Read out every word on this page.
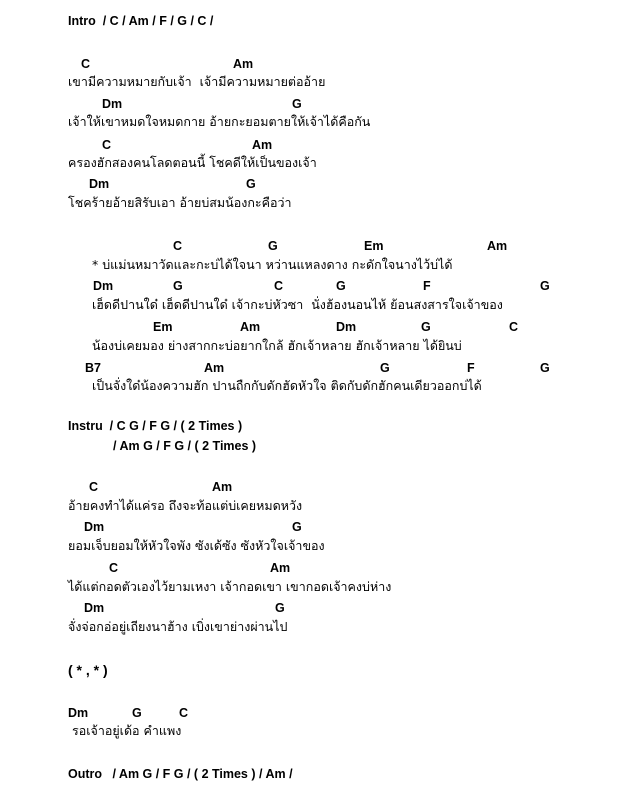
Intro  / C / Am / F / G / C /
C	Am
เขามีความหมายกับเจ้า  เจ้ามีความหมายต่ออ้าย
Dm	G
เจ้าให้เขาหมดใจหมดกาย อ้ายกะยอมตายให้เจ้าได้คือกัน
C	Am
ครองฮักสองคนโลดตอนนี้ โชคดีให้เป็นของเจ้า
Dm	G
โชคร้ายอ้ายสิรับเอา อ้ายบ่สมน้องกะคือว่า
C	G	Em	Am
* บ่แม่นหมาวัดและกะบ่ได้ใจนา หว่านแหลงดาง กะดักใจนางไว้บ่ได้
Dm	G	C	G	F	G
เฮ็ดดีปานใด๋ เฮ็ดดีปานใด๋ เจ้ากะบ่หัวซา  นั่งฮ้องนอนไห้ ย้อนสงสารใจเจ้าของ
Em	Am	Dm	G	C
น้องบ่เคยมอง ย่างสากกะบ่อยากใกล้ ฮักเจ้าหลาย ฮักเจ้าหลาย ได้ยินบ่
B7	Am	G	F	G
เป็นจั่งใด๋น้องความฮัก ปานถืกกับดักฮัดหัวใจ ติดกับดักฮักคนเดียวออกบ่ได้
Instru  / C G / F G / ( 2 Times )
/ Am G / F G / ( 2 Times )
C	Am
อ้ายคงทำได้แค่รอ ถึงจะท้อแต่บ่เคยหมดหวัง
Dm	G
ยอมเจ็บยอมให้หัวใจพัง ซังเด้ซัง ซังหัวใจเจ้าของ
C	Am
ได้แต่กอดตัวเองไว้ยามเหงา เจ้ากอดเขา เขากอดเจ้าคงบ่ห่าง
Dm	G
จั่งจ่อกอ่อยู่เถียงนาฮ้าง เบิ่งเขาย่างผ่านไป
( * , * )
Dm	G	C
รอเจ้าอยู่เด้อ คำแพง
Outro   / Am G / F G / ( 2 Times ) / Am /
